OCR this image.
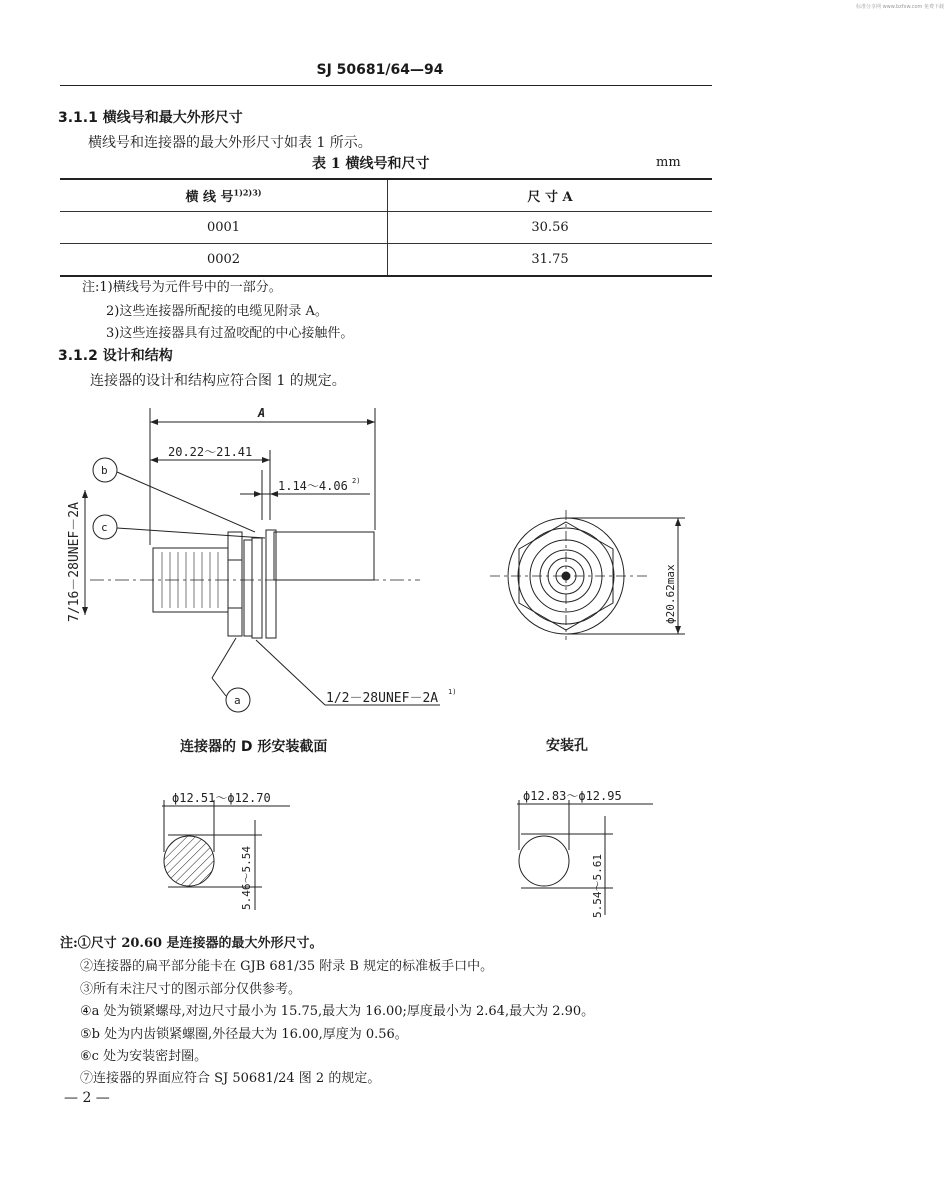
标准分享网 www.bzfxw.com 免费下载
SJ 50681/64—94
3.1.1 横线号和最大外形尺寸
横线号和连接器的最大外形尺寸如表 1 所示。
表 1 横线号和尺寸	mm
横 线 号$^{1)2)3)}$	尺 寸 A
0001	30.56
0002	31.75
注:1)横线号为元件号中的一部分。
2)这些连接器所配接的电缆见附录 A。
3)这些连接器具有过盈咬配的中心接触件。
3.1.2 设计和结构
连接器的设计和结构应符合图 1 的规定。
A
20.22～21.41
1.14～4.06 2)
b
c
a
7/16－28UNEF－2A
1/2－28UNEF－2A 1)
ϕ20.62max
连接器的 D 形安装截面	安装孔
ϕ12.51～ϕ12.70
5.46～5.54
ϕ12.83～ϕ12.95
5.54～5.61
注:①尺寸 20.60 是连接器的最大外形尺寸。
②连接器的扁平部分能卡在 GJB 681/35 附录 B 规定的标准板手口中。
③所有未注尺寸的图示部分仅供参考。
④a 处为锁紧螺母,对边尺寸最小为 15.75,最大为 16.00;厚度最小为 2.64,最大为 2.90。
⑤b 处为内齿锁紧螺圈,外径最大为 16.00,厚度为 0.56。
⑥c 处为安装密封圈。
⑦连接器的界面应符合 SJ 50681/24 图 2 的规定。
— 2 —
